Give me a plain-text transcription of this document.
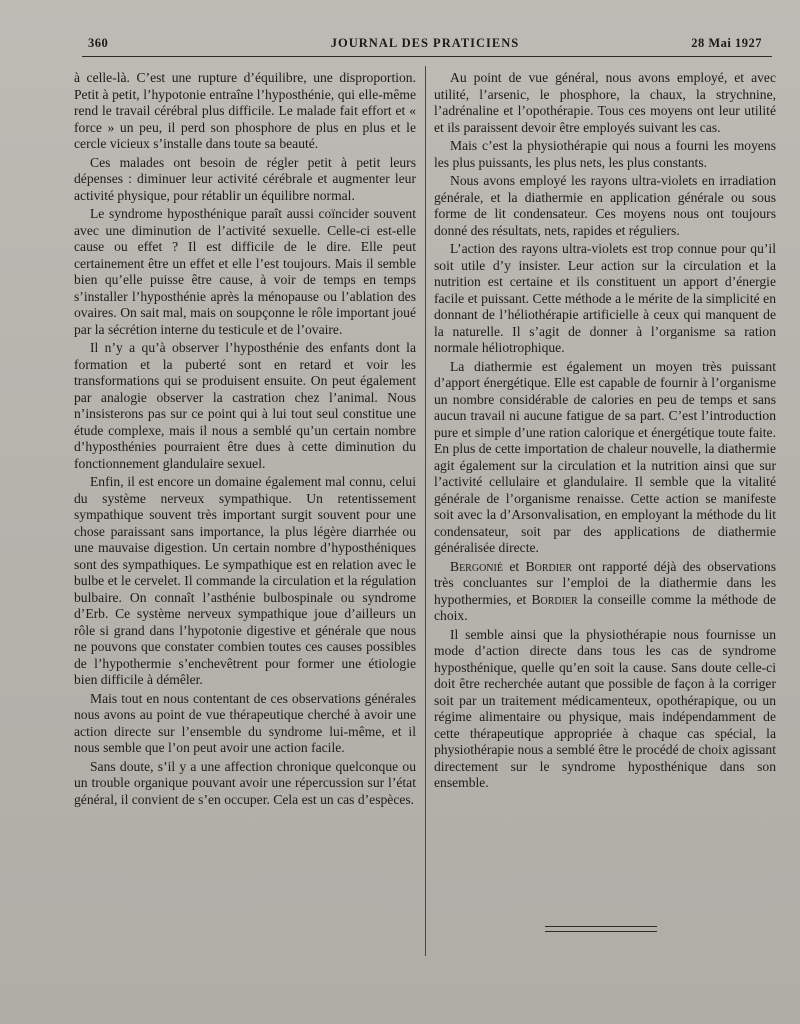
360	JOURNAL DES PRATICIENS	28 Mai 1927

à celle-là. C’est une rupture d’équilibre, une disproportion. Petit à petit, l’hypotonie entraîne l’hyposthénie, qui elle-même rend le travail cérébral plus difficile. Le malade fait effort et « force » un peu, il perd son phosphore de plus en plus et le cercle vicieux s’installe dans toute sa beauté.

Ces malades ont besoin de régler petit à petit leurs dépenses : diminuer leur activité cérébrale et augmenter leur activité physique, pour rétablir un équilibre normal.

Le syndrome hyposthénique paraît aussi coïncider souvent avec une diminution de l’activité sexuelle. Celle-ci est-elle cause ou effet ? Il est difficile de le dire. Elle peut certainement être un effet et elle l’est toujours. Mais il semble bien qu’elle puisse être cause, à voir de temps en temps s’installer l’hyposthénie après la ménopause ou l’ablation des ovaires. On sait mal, mais on soupçonne le rôle important joué par la sécrétion interne du testicule et de l’ovaire.

Il n’y a qu’à observer l’hyposthénie des enfants dont la formation et la puberté sont en retard et voir les transformations qui se produisent ensuite. On peut également par analogie observer la castration chez l’animal. Nous n’insisterons pas sur ce point qui à lui tout seul constitue une étude complexe, mais il nous a semblé qu’un certain nombre d’hyposthénies pourraient être dues à cette diminution du fonctionnement glandulaire sexuel.

Enfin, il est encore un domaine également mal connu, celui du système nerveux sympathique. Un retentissement sympathique souvent très important surgit souvent pour une chose paraissant sans importance, la plus légère diarrhée ou une mauvaise digestion. Un certain nombre d’hyposthéniques sont des sympathiques. Le sympathique est en relation avec le bulbe et le cervelet. Il commande la circulation et la régulation bulbaire. On connaît l’asthénie bulbospinale ou syndrome d’Erb. Ce système nerveux sympathique joue d’ailleurs un rôle si grand dans l’hypotonie digestive et générale que nous ne pouvons que constater combien toutes ces causes possibles de l’hypothermie s’enchevêtrent pour former une étiologie bien difficile à démêler.

Mais tout en nous contentant de ces observations générales nous avons au point de vue thérapeutique cherché à avoir une action directe sur l’ensemble du syndrome lui-même, et il nous semble que l’on peut avoir une action facile.

Sans doute, s’il y a une affection chronique quelconque ou un trouble organique pouvant avoir une répercussion sur l’état général, il convient de s’en occuper. Cela est un cas d’espèces.

Au point de vue général, nous avons employé, et avec utilité, l’arsenic, le phosphore, la chaux, la strychnine, l’adrénaline et l’opothérapie. Tous ces moyens ont leur utilité et ils paraissent devoir être employés suivant les cas.

Mais c’est la physiothérapie qui nous a fourni les moyens les plus puissants, les plus nets, les plus constants.

Nous avons employé les rayons ultra-violets en irradiation générale, et la diathermie en application générale ou sous forme de lit condensateur. Ces moyens nous ont toujours donné des résultats, nets, rapides et réguliers.

L’action des rayons ultra-violets est trop connue pour qu’il soit utile d’y insister. Leur action sur la circulation et la nutrition est certaine et ils constituent un apport d’énergie facile et puissant. Cette méthode a le mérite de la simplicité en donnant de l’héliothérapie artificielle à ceux qui manquent de la naturelle. Il s’agit de donner à l’organisme sa ration normale héliotrophique.

La diathermie est également un moyen très puissant d’apport énergétique. Elle est capable de fournir à l’organisme un nombre considérable de calories en peu de temps et sans aucun travail ni aucune fatigue de sa part. C’est l’introduction pure et simple d’une ration calorique et énergétique toute faite. En plus de cette importation de chaleur nouvelle, la diathermie agit également sur la circulation et la nutrition ainsi que sur l’activité cellulaire et glandulaire. Il semble que la vitalité générale de l’organisme renaisse. Cette action se manifeste soit avec la d’Arsonvalisation, en employant la méthode du lit condensateur, soit par des applications de diathermie généralisée directe.

Bergonié et Bordier ont rapporté déjà des observations très concluantes sur l’emploi de la diathermie dans les hypothermies, et Bordier la conseille comme la méthode de choix.

Il semble ainsi que la physiothérapie nous fournisse un mode d’action directe dans tous les cas de syndrome hyposthénique, quelle qu’en soit la cause. Sans doute celle-ci doit être recherchée autant que possible de façon à la corriger soit par un traitement médicamenteux, opothérapique, ou un régime alimentaire ou physique, mais indépendamment de cette thérapeutique appropriée à chaque cas spécial, la physiothérapie nous a semblé être le procédé de choix agissant directement sur le syndrome hyposthénique dans son ensemble.
